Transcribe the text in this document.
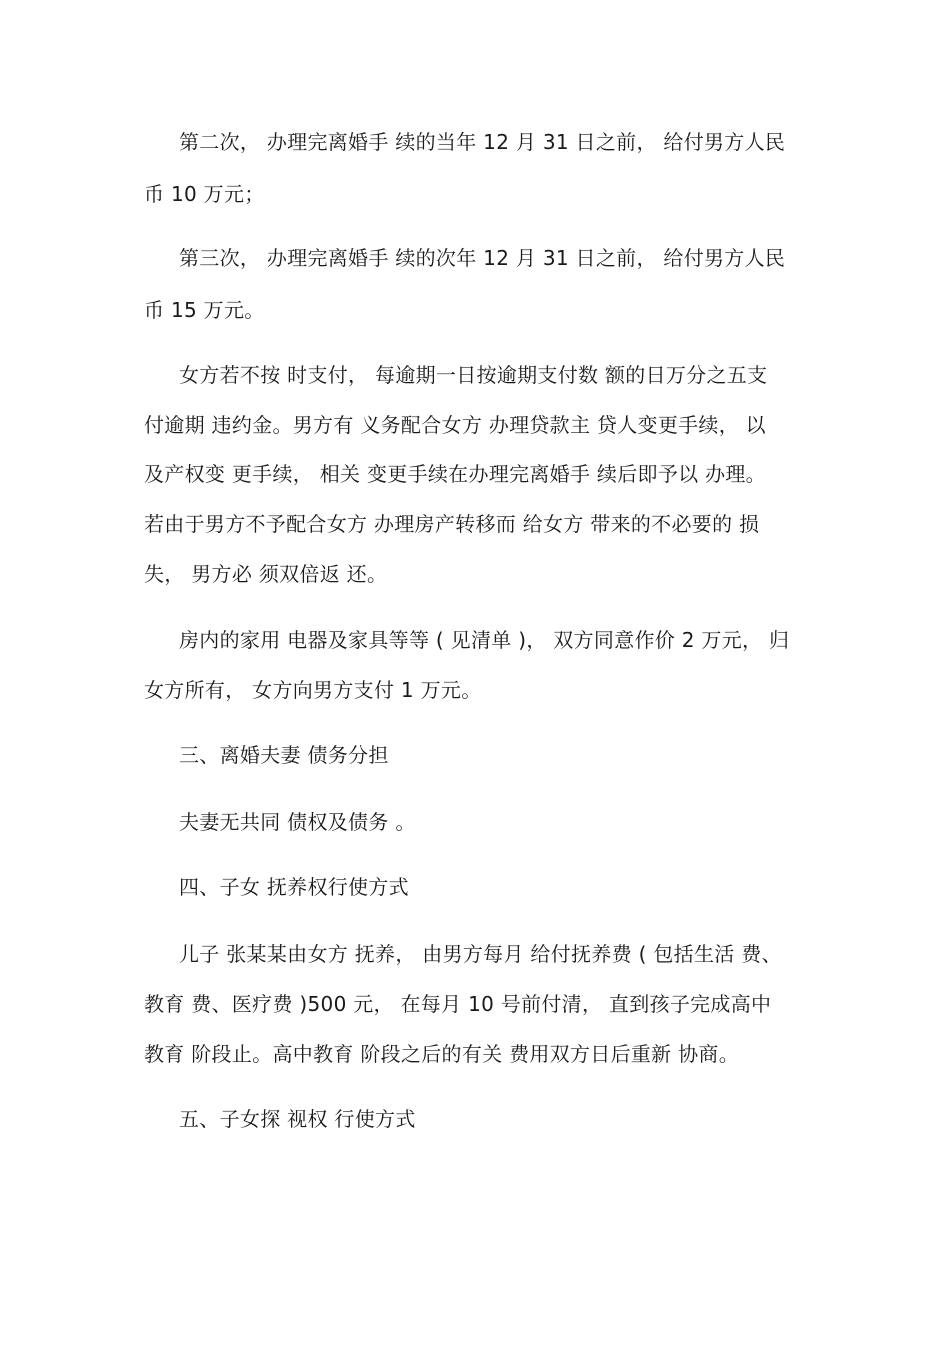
第二次， 办理完离婚手 续的当年 12 月 31 日之前， 给付男方人民
币 10 万元；
第三次， 办理完离婚手 续的次年 12 月 31 日之前， 给付男方人民
币 15 万元。
女方若不按 时支付， 每逾期一日按逾期支付数 额的日万分之五支
付逾期 违约金。男方有 义务配合女方 办理贷款主 贷人变更手续， 以
及产权变 更手续， 相关 变更手续在办理完离婚手 续后即予以 办理。
若由于男方不予配合女方 办理房产转移而 给女方 带来的不必要的 损
失， 男方必 须双倍返 还。
房内的家用 电器及家具等等 ( 见清单 )， 双方同意作价 2 万元， 归
女方所有， 女方向男方支付 1 万元。
三、离婚夫妻 债务分担
夫妻无共同 债权及债务 。
四、子女 抚养权行使方式
儿子 张某某由女方 抚养， 由男方每月 给付抚养费 ( 包括生活 费、
教育 费、医疗费 )500 元， 在每月 10 号前付清， 直到孩子完成高中
教育 阶段止。高中教育 阶段之后的有关 费用双方日后重新 协商。
五、子女探 视权 行使方式
